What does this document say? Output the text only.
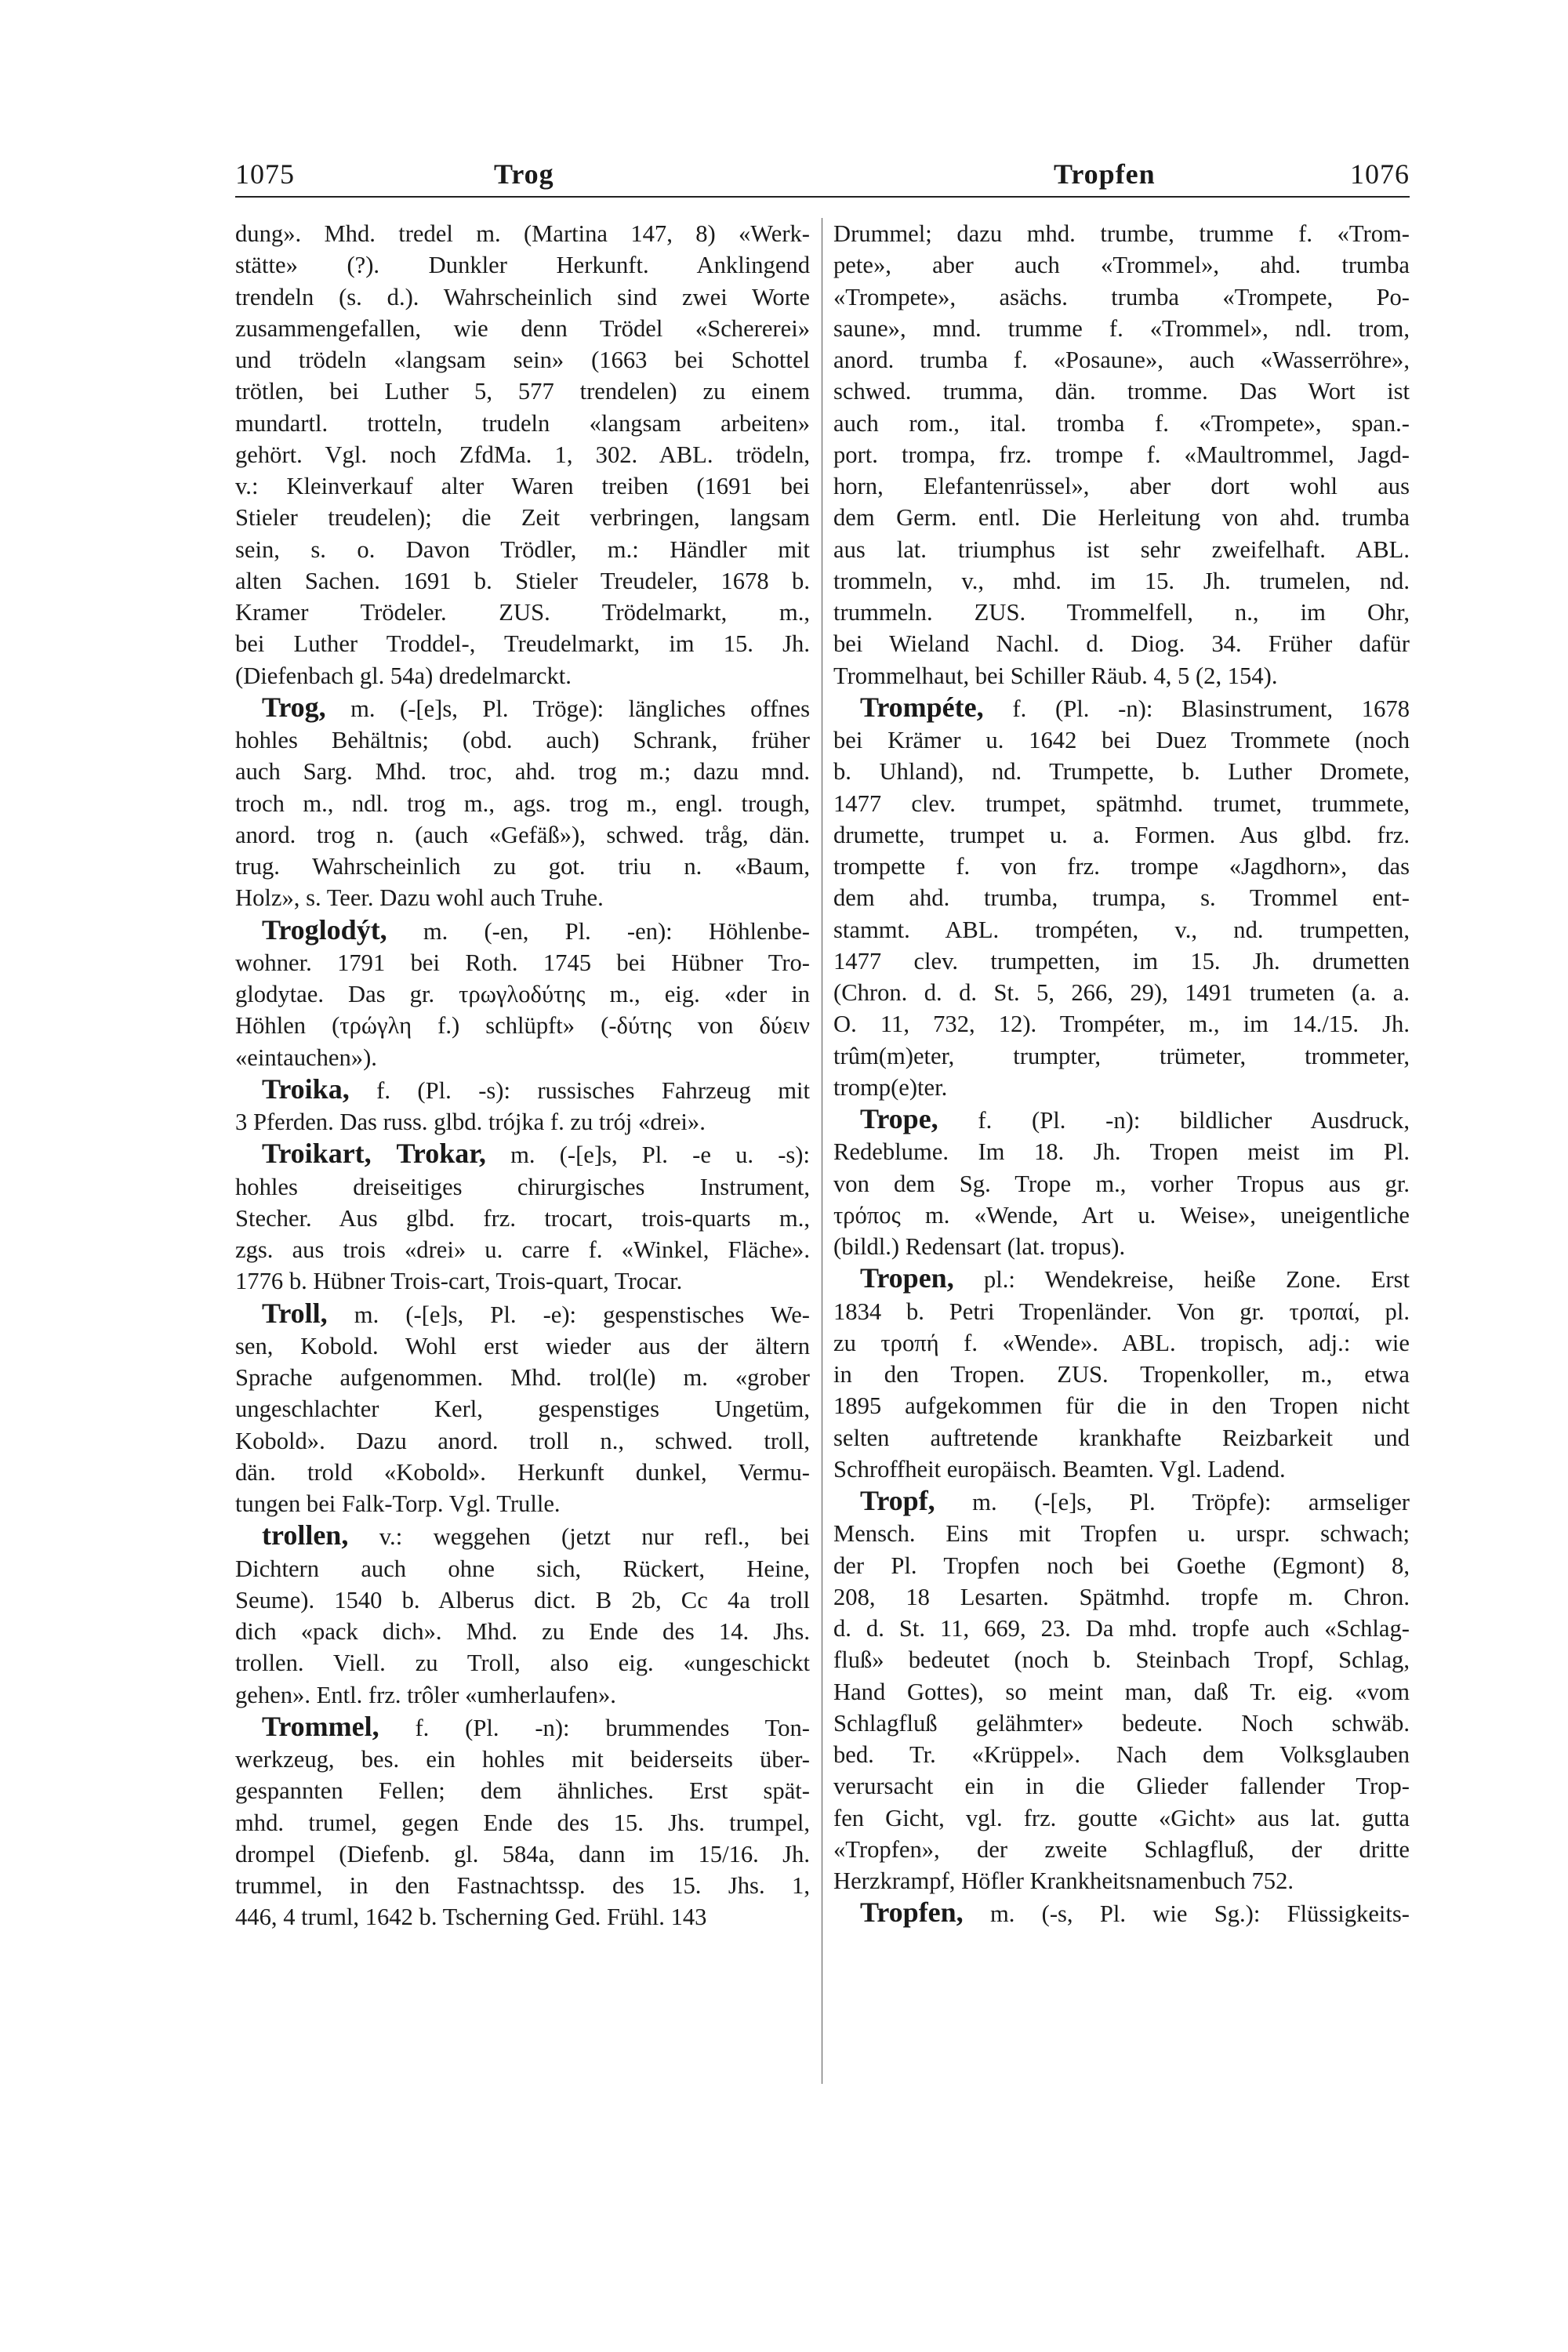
1075	Trog	Tropfen	1076
dung». Mhd. tredel m. (Martina 147, 8) «Werk-
stätte» (?). Dunkler Herkunft. Anklingend
trendeln (s. d.). Wahrscheinlich sind zwei Worte
zusammengefallen, wie denn Trödel «Schererei»
und trödeln «langsam sein» (1663 bei Schottel
trötlen, bei Luther 5, 577 trendelen) zu einem
mundartl. trotteln, trudeln «langsam arbeiten»
gehört. Vgl. noch ZfdMa. 1, 302. ABL. trödeln,
v.: Kleinverkauf alter Waren treiben (1691 bei
Stieler treudelen); die Zeit verbringen, langsam
sein, s. o. Davon Trödler, m.: Händler mit
alten Sachen. 1691 b. Stieler Treudeler, 1678 b.
Kramer Trödeler. ZUS. Trödelmarkt, m.,
bei Luther Troddel-, Treudelmarkt, im 15. Jh.
(Diefenbach gl. 54a) dredelmarckt.
Trog, m. (-[e]s, Pl. Tröge): längliches offnes
hohles Behältnis; (obd. auch) Schrank, früher
auch Sarg. Mhd. troc, ahd. trog m.; dazu mnd.
troch m., ndl. trog m., ags. trog m., engl. trough,
anord. trog n. (auch «Gefäß»), schwed. tråg, dän.
trug. Wahrscheinlich zu got. triu n. «Baum,
Holz», s. Teer. Dazu wohl auch Truhe.
Troglodýt, m. (-en, Pl. -en): Höhlenbe-
wohner. 1791 bei Roth. 1745 bei Hübner Tro-
glodytae. Das gr. τρωγλοδύτης m., eig. «der in
Höhlen (τρώγλη f.) schlüpft» (-δύτης von δύειν
«eintauchen»).
Troika, f. (Pl. -s): russisches Fahrzeug mit
3 Pferden. Das russ. glbd. trójka f. zu trój «drei».
Troikart, Trokar, m. (-[e]s, Pl. -e u. -s):
hohles dreiseitiges chirurgisches Instrument,
Stecher. Aus glbd. frz. trocart, trois-quarts m.,
zgs. aus trois «drei» u. carre f. «Winkel, Fläche».
1776 b. Hübner Trois-cart, Trois-quart, Trocar.
Troll, m. (-[e]s, Pl. -e): gespenstisches We-
sen, Kobold. Wohl erst wieder aus der ältern
Sprache aufgenommen. Mhd. trol(le) m. «grober
ungeschlachter Kerl, gespenstiges Ungetüm,
Kobold». Dazu anord. troll n., schwed. troll,
dän. trold «Kobold». Herkunft dunkel, Vermu-
tungen bei Falk-Torp. Vgl. Trulle.
trollen, v.: weggehen (jetzt nur refl., bei
Dichtern auch ohne sich, Rückert, Heine,
Seume). 1540 b. Alberus dict. B 2b, Cc 4a troll
dich «pack dich». Mhd. zu Ende des 14. Jhs.
trollen. Viell. zu Troll, also eig. «ungeschickt
gehen». Entl. frz. trôler «umherlaufen».
Trommel, f. (Pl. -n): brummendes Ton-
werkzeug, bes. ein hohles mit beiderseits über-
gespannten Fellen; dem ähnliches. Erst spät-
mhd. trumel, gegen Ende des 15. Jhs. trumpel,
drompel (Diefenb. gl. 584a, dann im 15/16. Jh.
trummel, in den Fastnachtssp. des 15. Jhs. 1,
446, 4 truml, 1642 b. Tscherning Ged. Frühl. 143
Drummel; dazu mhd. trumbe, trumme f. «Trom-
pete», aber auch «Trommel», ahd. trumba
«Trompete», asächs. trumba «Trompete, Po-
saune», mnd. trumme f. «Trommel», ndl. trom,
anord. trumba f. «Posaune», auch «Wasserröhre»,
schwed. trumma, dän. tromme. Das Wort ist
auch rom., ital. tromba f. «Trompete», span.-
port. trompa, frz. trompe f. «Maultrommel, Jagd-
horn, Elefantenrüssel», aber dort wohl aus
dem Germ. entl. Die Herleitung von ahd. trumba
aus lat. triumphus ist sehr zweifelhaft. ABL.
trommeln, v., mhd. im 15. Jh. trumelen, nd.
trummeln. ZUS. Trommelfell, n., im Ohr,
bei Wieland Nachl. d. Diog. 34. Früher dafür
Trommelhaut, bei Schiller Räub. 4, 5 (2, 154).
Trompéte, f. (Pl. -n): Blasinstrument, 1678
bei Krämer u. 1642 bei Duez Trommete (noch
b. Uhland), nd. Trumpette, b. Luther Dromete,
1477 clev. trumpet, spätmhd. trumet, trummete,
drumette, trumpet u. a. Formen. Aus glbd. frz.
trompette f. von frz. trompe «Jagdhorn», das
dem ahd. trumba, trumpa, s. Trommel ent-
stammt. ABL. trompéten, v., nd. trumpetten,
1477 clev. trumpetten, im 15. Jh. drumetten
(Chron. d. d. St. 5, 266, 29), 1491 trumeten (a. a.
O. 11, 732, 12). Trompéter, m., im 14./15. Jh.
trûm(m)eter, trumpter, trümeter, trommeter,
tromp(e)ter.
Trope, f. (Pl. -n): bildlicher Ausdruck,
Redeblume. Im 18. Jh. Tropen meist im Pl.
von dem Sg. Trope m., vorher Tropus aus gr.
τρόπος m. «Wende, Art u. Weise», uneigentliche
(bildl.) Redensart (lat. tropus).
Tropen, pl.: Wendekreise, heiße Zone. Erst
1834 b. Petri Tropenländer. Von gr. τροπαί, pl.
zu τροπή f. «Wende». ABL. tropisch, adj.: wie
in den Tropen. ZUS. Tropenkoller, m., etwa
1895 aufgekommen für die in den Tropen nicht
selten auftretende krankhafte Reizbarkeit und
Schroffheit europäisch. Beamten. Vgl. Ladend.
Tropf, m. (-[e]s, Pl. Tröpfe): armseliger
Mensch. Eins mit Tropfen u. urspr. schwach;
der Pl. Tropfen noch bei Goethe (Egmont) 8,
208, 18 Lesarten. Spätmhd. tropfe m. Chron.
d. d. St. 11, 669, 23. Da mhd. tropfe auch «Schlag-
fluß» bedeutet (noch b. Steinbach Tropf, Schlag,
Hand Gottes), so meint man, daß Tr. eig. «vom
Schlagfluß gelähmter» bedeute. Noch schwäb.
bed. Tr. «Krüppel». Nach dem Volksglauben
verursacht ein in die Glieder fallender Trop-
fen Gicht, vgl. frz. goutte «Gicht» aus lat. gutta
«Tropfen», der zweite Schlagfluß, der dritte
Herzkrampf, Höfler Krankheitsnamenbuch 752.
Tropfen, m. (-s, Pl. wie Sg.): Flüssigkeits-
